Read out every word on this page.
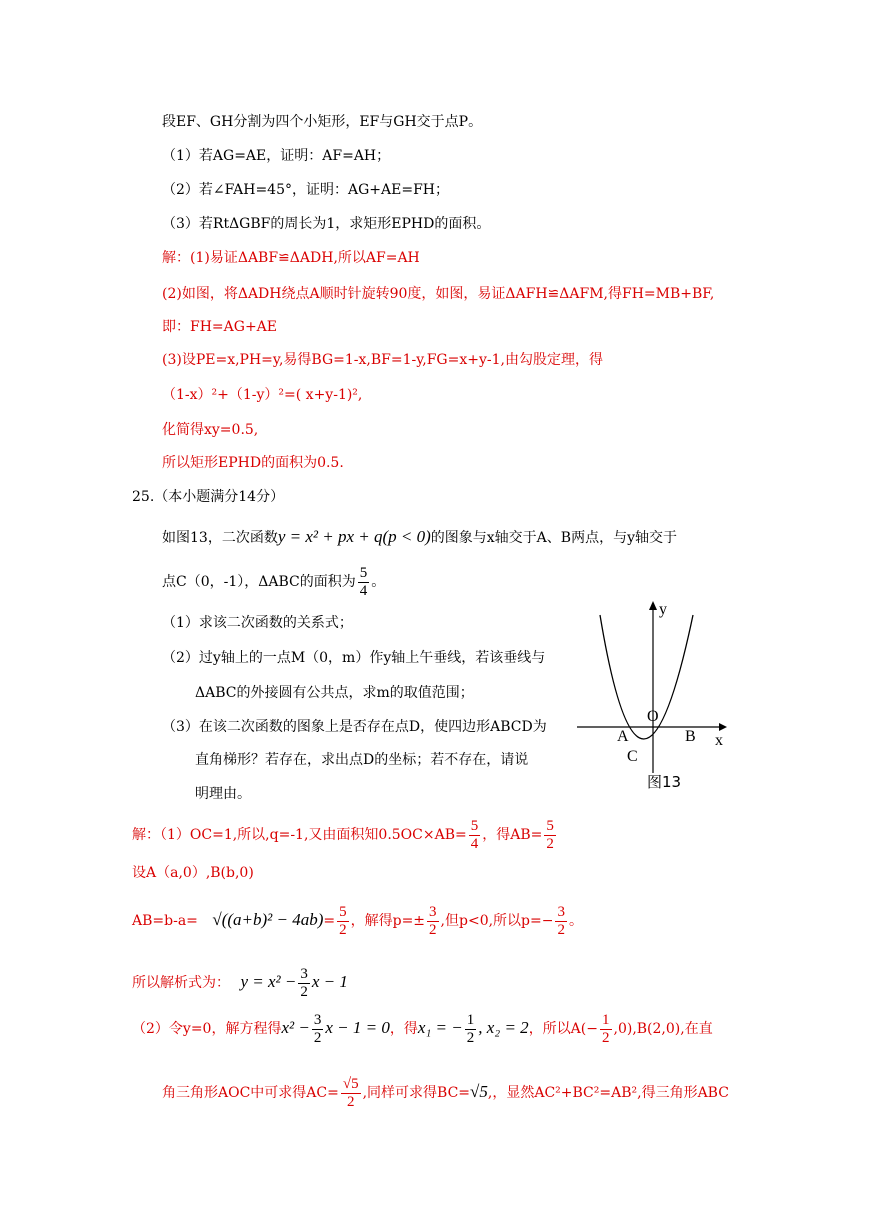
段EF、GH分割为四个小矩形，EF与GH交于点P。
（1）若AG=AE，证明：AF=AH；
（2）若∠FAH=45°，证明：AG+AE=FH；
（3）若RtΔGBF的周长为1，求矩形EPHD的面积。
解：(1)易证ΔABF≌ΔADH,所以AF=AH
(2)如图，将ΔADH绕点A顺时针旋转90度，如图，易证ΔAFH≌ΔAFM,得FH=MB+BF,
即：FH=AG+AE
(3)设PE=x,PH=y,易得BG=1-x,BF=1-y,FG=x+y-1,由勾股定理，得
（1-x）²+（1-y）²=( x+y-1)²,
化简得xy=0.5,
所以矩形EPHD的面积为0.5.
25.（本小题满分14分）
如图13，二次函数y = x² + px + q(p < 0)的图象与x轴交于A、B两点，与y轴交于
点C（0，-1），ΔABC的面积为 $\frac{5}{4}$ 。
（1）求该二次函数的关系式；
（2）过y轴上的一点M（0，m）作y轴上午垂线，若该垂线与
ΔABC的外接圆有公共点，求m的取值范围；
（3）在该二次函数的图象上是否存在点D，使四边形ABCD为
直角梯形？若存在，求出点D的坐标；若不存在，请说
明理由。
y
x
O
A	B
C
图13
解：（1）OC=1,所以,q=-1,又由面积知$0.5OC\times AB= \frac{5}{4}$ ，得$AB= \frac{5}{2}$
设A（a,0）,B(b,0)
$AB=b-a= √((a+b)^2 - 4ab)= \frac{5}{2}$ ，解得$p=\pm \frac{3}{2}$ ,但p<0,所以$p=- \frac{3}{2}$ 。
所以解析式为： $y = x^2 - \frac{3}{2}$ x − 1
（2）令y=0，解方程得$x^2 - \frac{3}{2}$ x − 1 = 0，得x₁ = − $\frac{1}{2}$ , x₂ = 2，所以$A(- \frac{1}{2} ,0),B(2,0)$,在直
角三角形AOC中可求得$AC= \frac{√5}{2}$ ,同样可求得BC=√5,，显然AC²+BC²=AB²,得三角形ABC
